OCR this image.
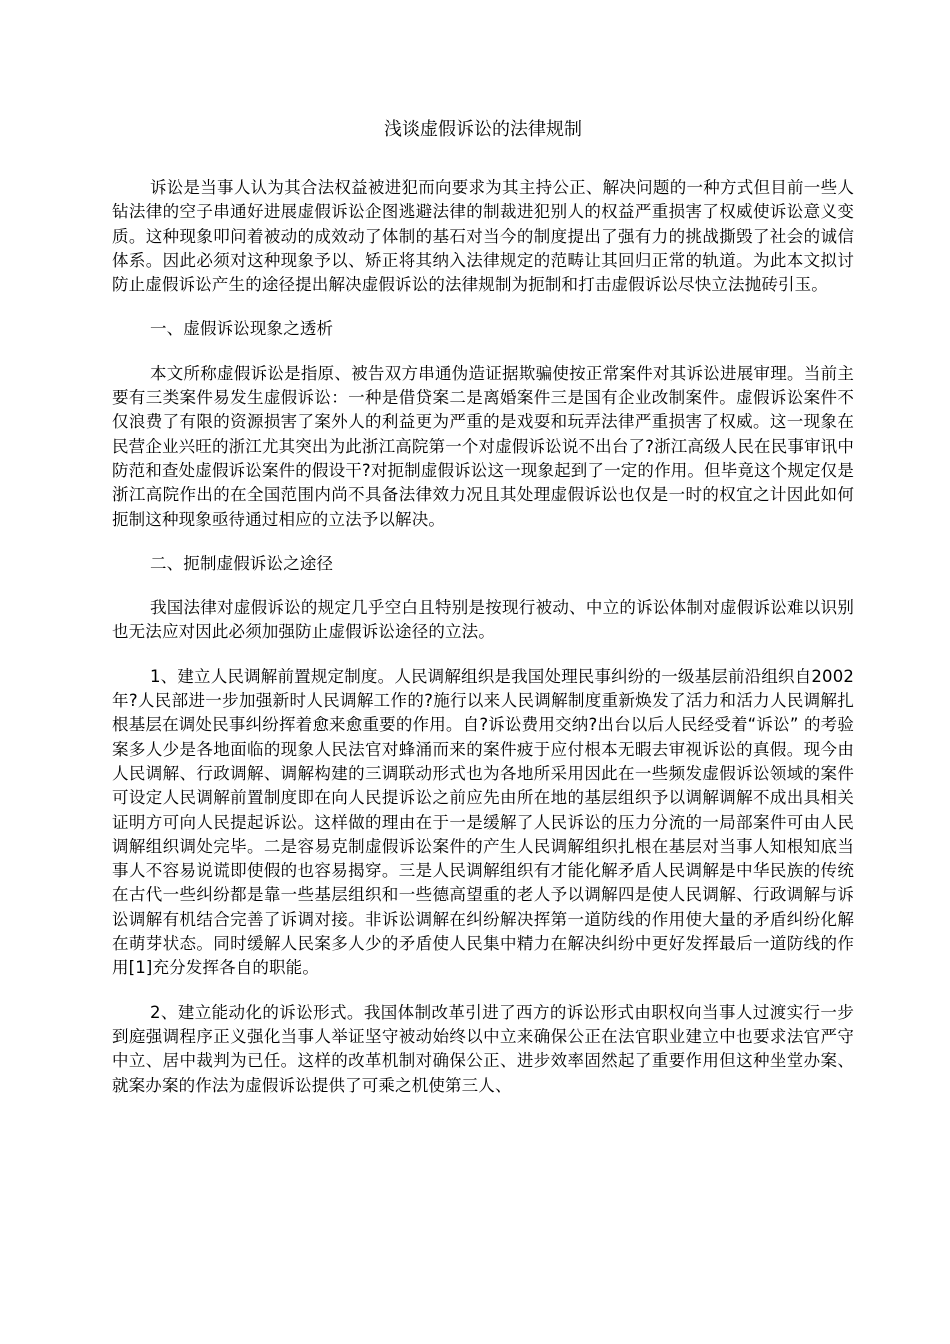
浅谈虚假诉讼的法律规制

诉讼是当事人认为其合法权益被进犯而向要求为其主持公正、解决问题的一种方式但目前一些人钻法律的空子串通好进展虚假诉讼企图逃避法律的制裁进犯别人的权益严重损害了权威使诉讼意义变质。这种现象叩问着被动的成效动了体制的基石对当今的制度提出了强有力的挑战撕毁了社会的诚信体系。因此必须对这种现象予以、矫正将其纳入法律规定的范畴让其回归正常的轨道。为此本文拟讨防止虚假诉讼产生的途径提出解决虚假诉讼的法律规制为扼制和打击虚假诉讼尽快立法抛砖引玉。

一、虚假诉讼现象之透析

本文所称虚假诉讼是指原、被告双方串通伪造证据欺骗使按正常案件对其诉讼进展审理。当前主要有三类案件易发生虚假诉讼：一种是借贷案二是离婚案件三是国有企业改制案件。虚假诉讼案件不仅浪费了有限的资源损害了案外人的利益更为严重的是戏耍和玩弄法律严重损害了权威。这一现象在民营企业兴旺的浙江尤其突出为此浙江高院第一个对虚假诉讼说不出台了?浙江高级人民在民事审讯中防范和查处虚假诉讼案件的假设干?对扼制虚假诉讼这一现象起到了一定的作用。但毕竟这个规定仅是浙江高院作出的在全国范围内尚不具备法律效力况且其处理虚假诉讼也仅是一时的权宜之计因此如何扼制这种现象亟待通过相应的立法予以解决。

二、扼制虚假诉讼之途径

我国法律对虚假诉讼的规定几乎空白且特别是按现行被动、中立的诉讼体制对虚假诉讼难以识别也无法应对因此必须加强防止虚假诉讼途径的立法。

1、建立人民调解前置规定制度。人民调解组织是我国处理民事纠纷的一级基层前沿组织自2002年?人民部进一步加强新时人民调解工作的?施行以来人民调解制度重新焕发了活力和活力人民调解扎根基层在调处民事纠纷挥着愈来愈重要的作用。自?诉讼费用交纳?出台以后人民经受着“诉讼” 的考验案多人少是各地面临的现象人民法官对蜂涌而来的案件疲于应付根本无暇去审视诉讼的真假。现今由人民调解、行政调解、调解构建的三调联动形式也为各地所采用因此在一些频发虚假诉讼领域的案件可设定人民调解前置制度即在向人民提诉讼之前应先由所在地的基层组织予以调解调解不成出具相关证明方可向人民提起诉讼。这样做的理由在于一是缓解了人民诉讼的压力分流的一局部案件可由人民调解组织调处完毕。二是容易克制虚假诉讼案件的产生人民调解组织扎根在基层对当事人知根知底当事人不容易说谎即使假的也容易揭穿。三是人民调解组织有才能化解矛盾人民调解是中华民族的传统在古代一些纠纷都是靠一些基层组织和一些德高望重的老人予以调解四是使人民调解、行政调解与诉讼调解有机结合完善了诉调对接。非诉讼调解在纠纷解决挥第一道防线的作用使大量的矛盾纠纷化解在萌芽状态。同时缓解人民案多人少的矛盾使人民集中精力在解决纠纷中更好发挥最后一道防线的作用[1]充分发挥各自的职能。

2、建立能动化的诉讼形式。我国体制改革引进了西方的诉讼形式由职权向当事人过渡实行一步到庭强调程序正义强化当事人举证坚守被动始终以中立来确保公正在法官职业建立中也要求法官严守中立、居中裁判为已任。这样的改革机制对确保公正、进步效率固然起了重要作用但这种坐堂办案、就案办案的作法为虚假诉讼提供了可乘之机使第三人、
